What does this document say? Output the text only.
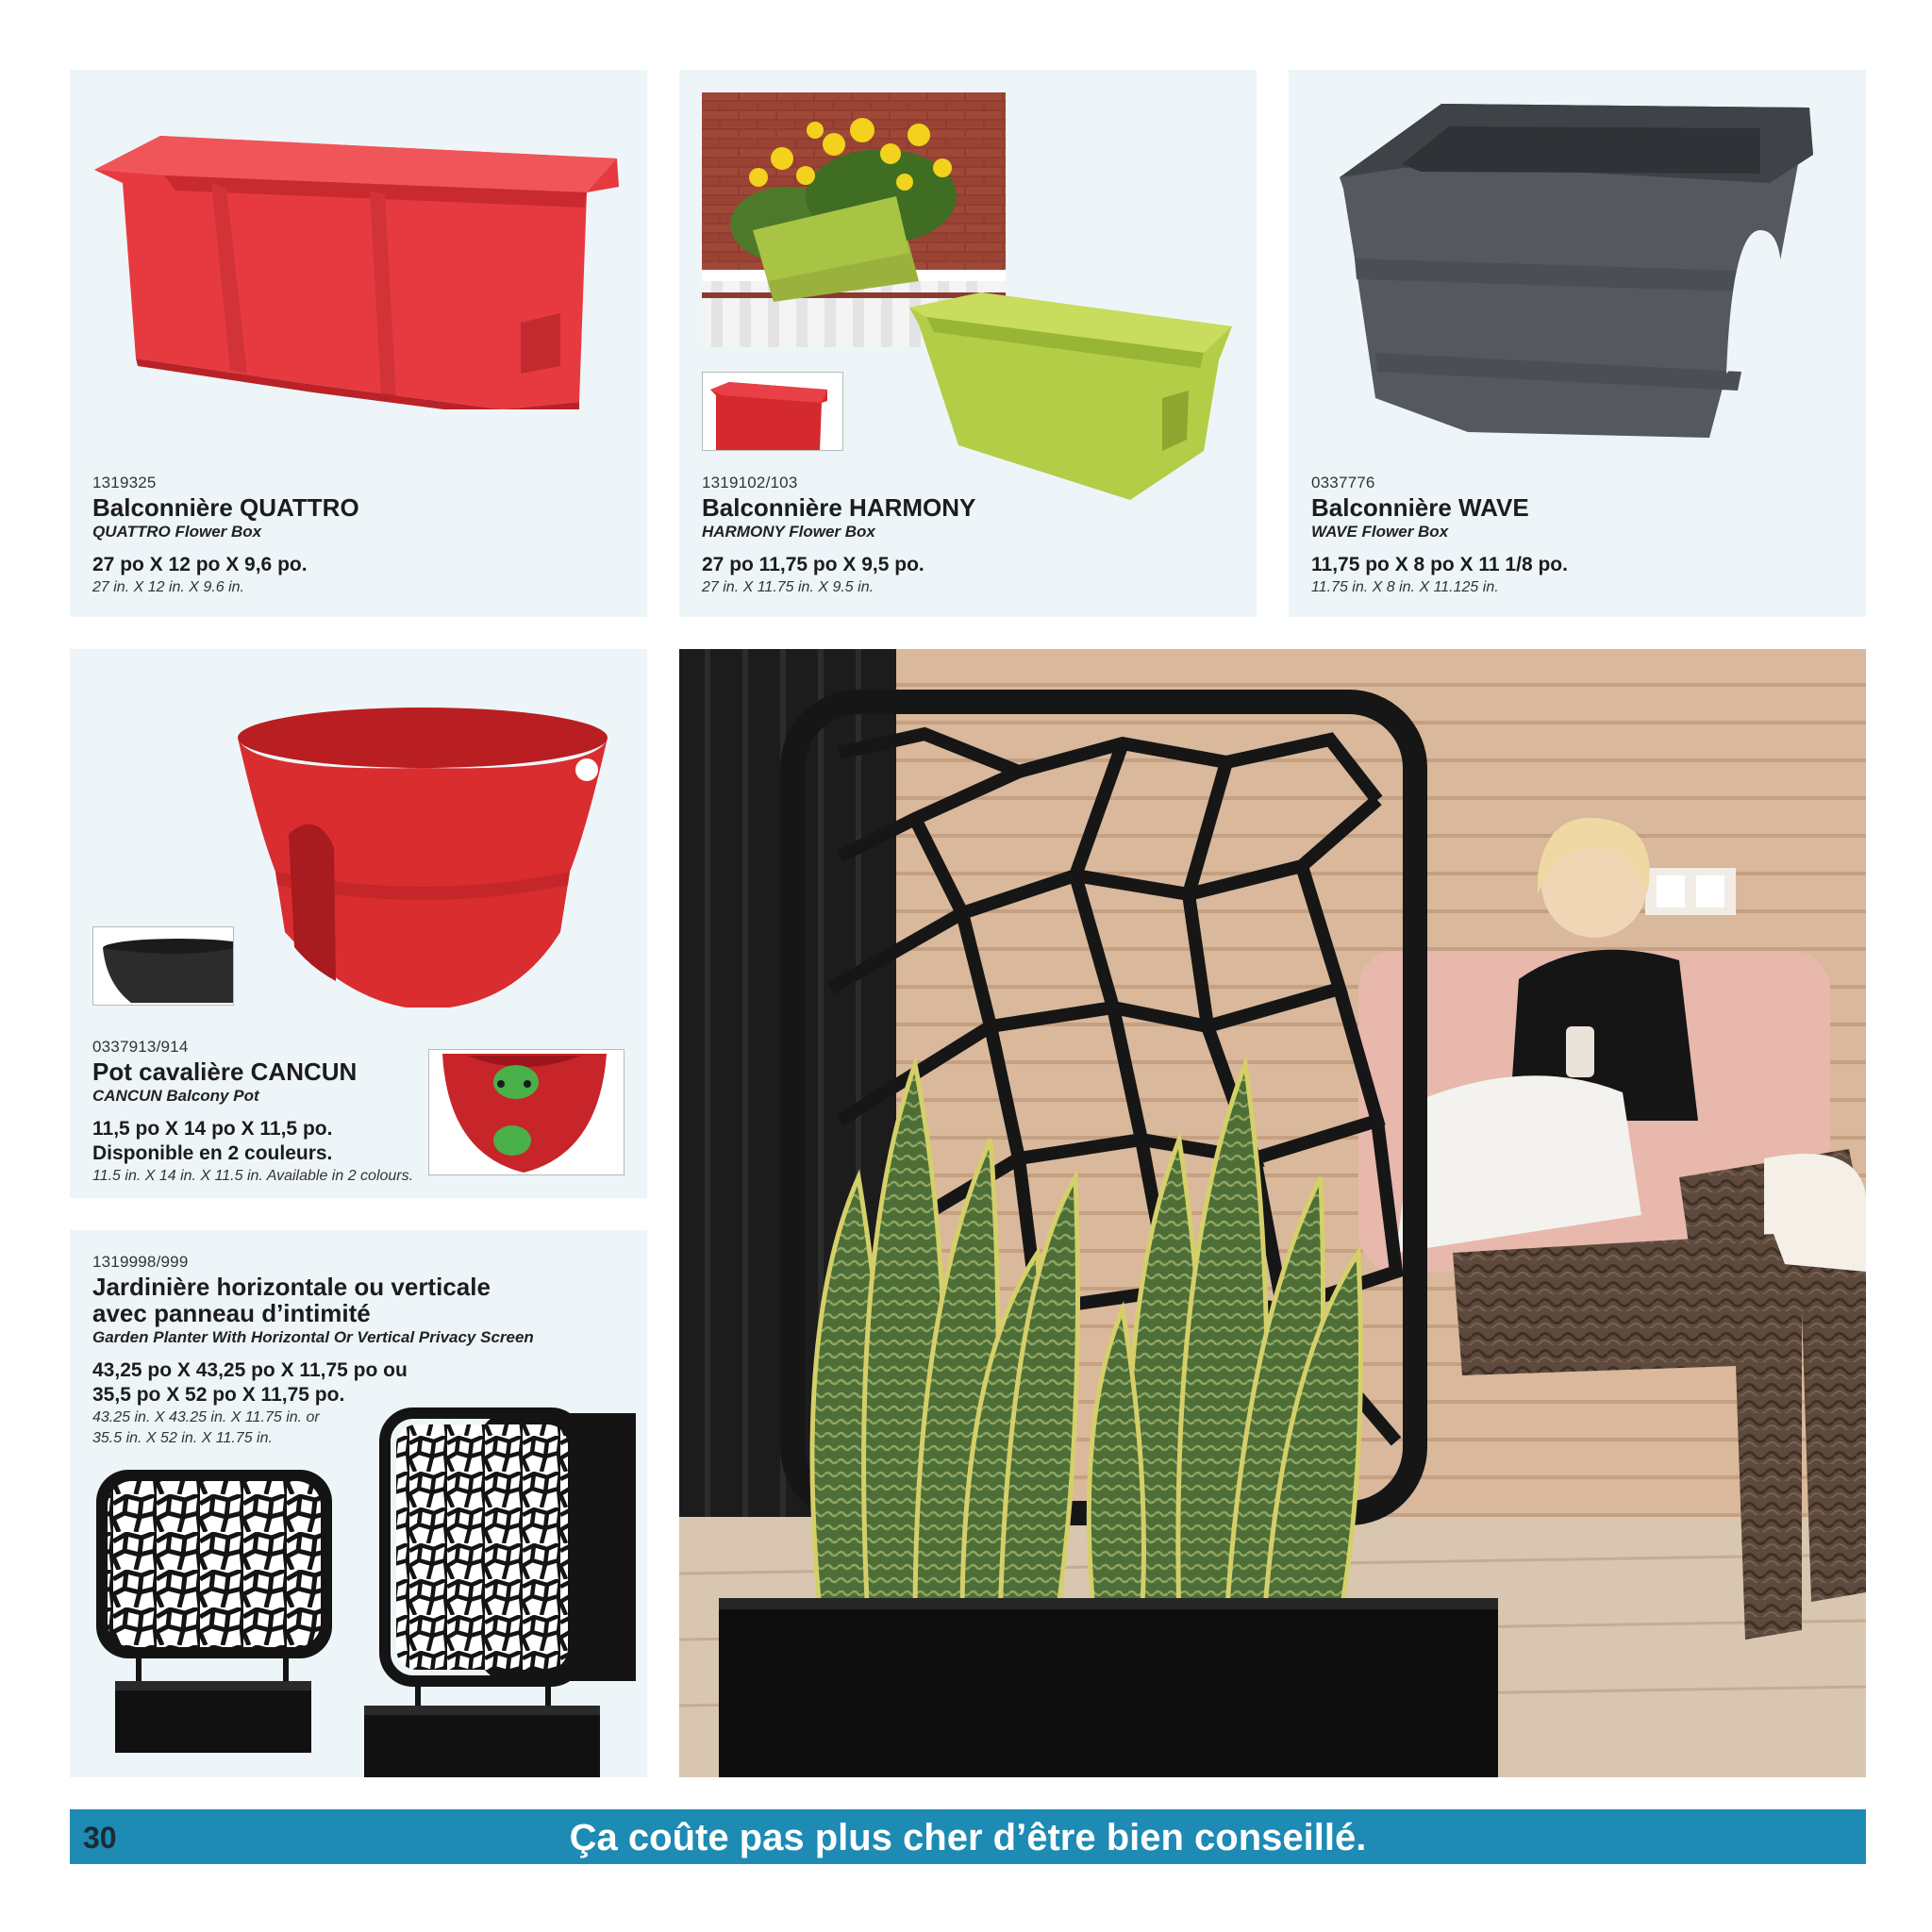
1319325
Balconnière QUATTRO
QUATTRO Flower Box
27 po X 12 po X 9,6 po.
27 in. X 12 in. X 9.6 in.
1319102/103
Balconnière HARMONY
HARMONY Flower Box
27 po 11,75 po X 9,5 po.
27 in. X 11.75 in. X 9.5 in.
0337776
Balconnière WAVE
WAVE Flower Box
11,75 po X 8 po X 11 1/8 po.
11.75 in. X 8 in. X 11.125 in.
0337913/914
Pot cavalière CANCUN
CANCUN Balcony Pot
11,5 po X 14 po X 11,5 po.
Disponible en 2 couleurs.
11.5 in. X 14 in. X 11.5 in. Available in 2 colours.
1319998/999
Jardinière horizontale ou verticale
avec panneau d’intimité
Garden Planter With Horizontal Or Vertical Privacy Screen
43,25 po X 43,25 po X 11,75 po ou
35,5 po X 52 po X 11,75 po.
43.25 in. X 43.25 in. X 11.75 in. or
35.5 in. X 52 in. X 11.75 in.
30	Ça coûte pas plus cher d’être bien conseillé.
